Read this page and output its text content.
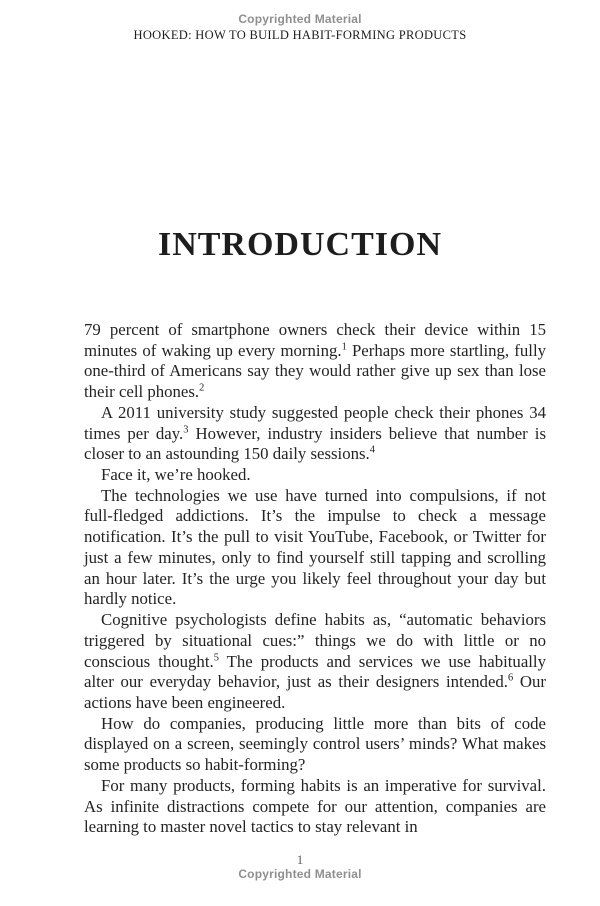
Copyrighted Material
HOOKED: HOW TO BUILD HABIT-FORMING PRODUCTS
INTRODUCTION

79 percent of smartphone owners check their device within 15 minutes of waking up every morning.$^1$ Perhaps more startling, fully one-third of Americans say they would rather give up sex than lose their cell phones.$^2$

A 2011 university study suggested people check their phones 34 times per day.$^3$ However, industry insiders believe that number is closer to an astounding 150 daily sessions.$^4$

Face it, we’re hooked.

The technologies we use have turned into compulsions, if not full-fledged addictions. It’s the impulse to check a message notification. It’s the pull to visit YouTube, Facebook, or Twitter for just a few minutes, only to find yourself still tapping and scrolling an hour later. It’s the urge you likely feel throughout your day but hardly notice.

Cognitive psychologists define habits as, “automatic behaviors triggered by situational cues:” things we do with little or no conscious thought.$^5$ The products and services we use habitually alter our everyday behavior, just as their designers intended.$^6$ Our actions have been engineered.

How do companies, producing little more than bits of code displayed on a screen, seemingly control users’ minds? What makes some products so habit-forming?

For many products, forming habits is an imperative for survival. As infinite distractions compete for our attention, companies are learning to master novel tactics to stay relevant in

1
Copyrighted Material
